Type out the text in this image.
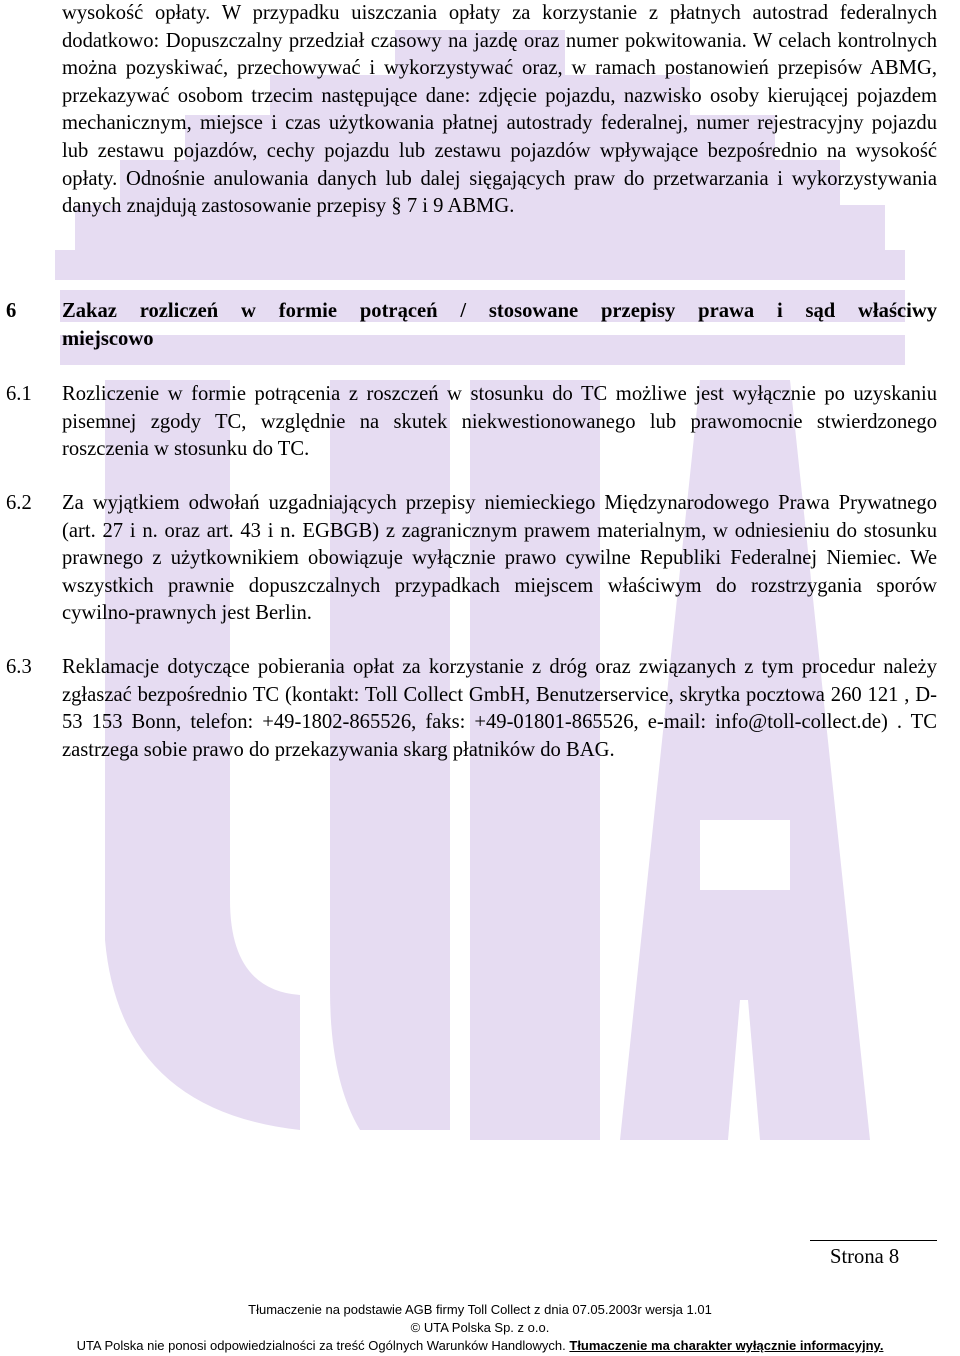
wysokość opłaty. W przypadku uiszczania opłaty za korzystanie z płatnych autostrad federalnych dodatkowo: Dopuszczalny przedział czasowy na jazdę oraz numer pokwitowania. W celach kontrolnych można pozyskiwać, przechowywać i wykorzystywać oraz, w ramach postanowień przepisów ABMG, przekazywać osobom trzecim następujące dane: zdjęcie pojazdu, nazwisko osoby kierującej pojazdem mechanicznym, miejsce i czas użytkowania płatnej autostrady federalnej, numer rejestracyjny pojazdu lub zestawu pojazdów, cechy pojazdu lub zestawu pojazdów wpływające bezpośrednio na wysokość opłaty. Odnośnie anulowania danych lub dalej sięgających praw do przetwarzania i wykorzystywania danych znajdują zastosowanie przepisy § 7 i 9 ABMG.

6 Zakaz rozliczeń w formie potrąceń / stosowane przepisy prawa i sąd właściwy
miejscowo
6.1 Rozliczenie w formie potrącenia z roszczeń w stosunku do TC możliwe jest wyłącznie po uzyskaniu pisemnej zgody TC, względnie na skutek niekwestionowanego lub prawomocnie stwierdzonego roszczenia w stosunku do TC.
6.2 Za wyjątkiem odwołań uzgadniających przepisy niemieckiego Międzynarodowego Prawa Prywatnego (art. 27 i n. oraz art. 43 i n. EGBGB) z zagranicznym prawem materialnym, w odniesieniu do stosunku prawnego z użytkownikiem obowiązuje wyłącznie prawo cywilne Republiki Federalnej Niemiec. We wszystkich prawnie dopuszczalnych przypadkach miejscem właściwym do rozstrzygania sporów cywilno-prawnych jest Berlin.
6.3 Reklamacje dotyczące pobierania opłat za korzystanie z dróg oraz związanych z tym procedur należy zgłaszać bezpośrednio TC (kontakt: Toll Collect GmbH, Benutzerservice, skrytka pocztowa 260 121 , D- 53 153 Bonn, telefon: +49-1802-865526, faks: +49-01801-865526, e-mail: info@toll-collect.de) . TC zastrzega sobie prawo do przekazywania skarg płatników do BAG.
Strona 8
Tłumaczenie na podstawie AGB firmy Toll Collect z dnia 07.05.2003r wersja 1.01
© UTA Polska Sp. z o.o.
UTA Polska nie ponosi odpowiedzialności za treść Ogólnych Warunków Handlowych. Tłumaczenie ma charakter wyłącznie informacyjny.
